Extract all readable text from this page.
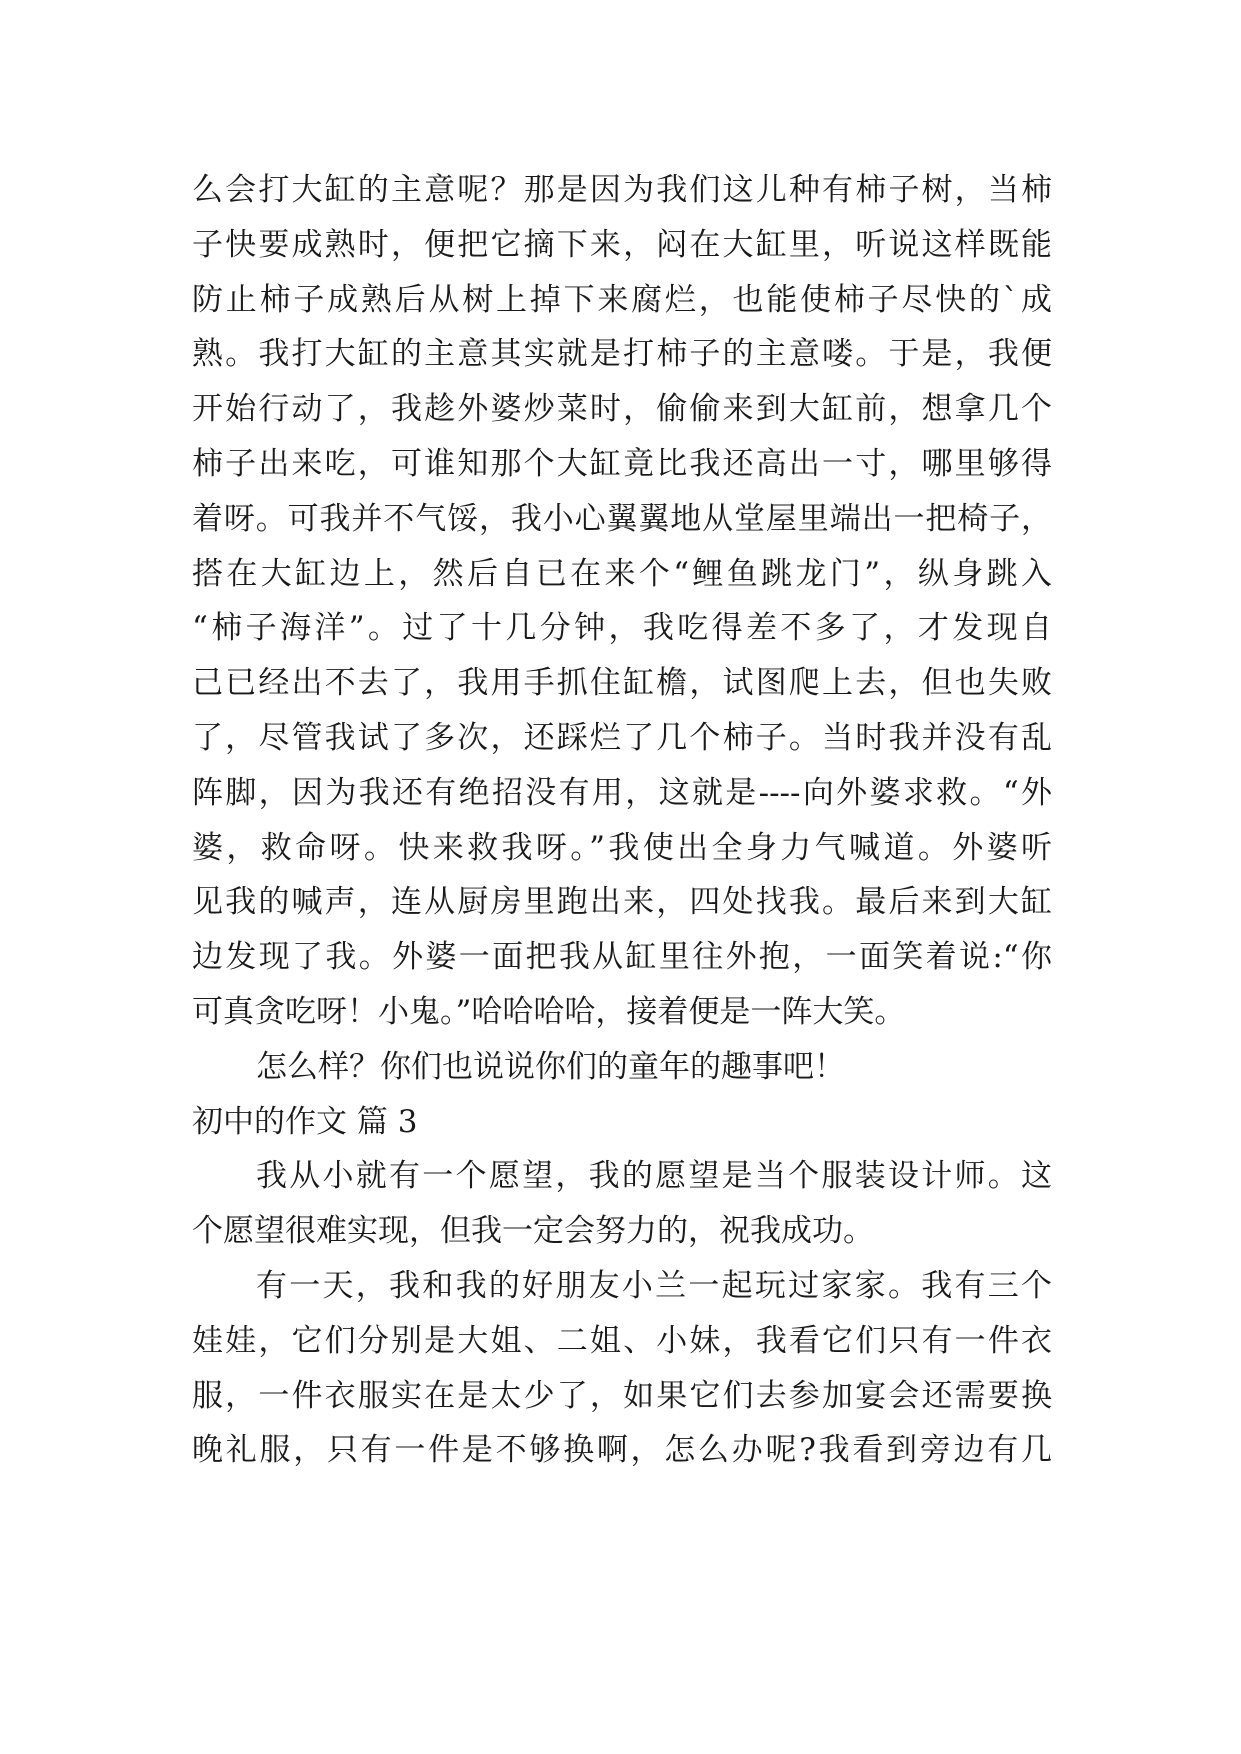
么会打大缸的主意呢？那是因为我们这儿种有柿子树，当柿
子快要成熟时，便把它摘下来，闷在大缸里，听说这样既能
防止柿子成熟后从树上掉下来腐烂，也能使柿子尽快的`成
熟。我打大缸的主意其实就是打柿子的主意喽。于是，我便
开始行动了，我趁外婆炒菜时，偷偷来到大缸前，想拿几个
柿子出来吃，可谁知那个大缸竟比我还高出一寸，哪里够得
着呀。可我并不气馁，我小心翼翼地从堂屋里端出一把椅子，
搭在大缸边上，然后自已在来个“鲤鱼跳龙门”，纵身跳入
“柿子海洋”。过了十几分钟，我吃得差不多了，才发现自
己已经出不去了，我用手抓住缸檐，试图爬上去，但也失败
了，尽管我试了多次，还踩烂了几个柿子。当时我并没有乱
阵脚，因为我还有绝招没有用，这就是----向外婆求救。“外
婆，救命呀。快来救我呀。”我使出全身力气喊道。外婆听
见我的喊声，连从厨房里跑出来，四处找我。最后来到大缸
边发现了我。外婆一面把我从缸里往外抱，一面笑着说:“你
可真贪吃呀！小鬼。”哈哈哈哈，接着便是一阵大笑。
怎么样？你们也说说你们的童年的趣事吧！
初中的作文 篇 3
我从小就有一个愿望，我的愿望是当个服装设计师。这
个愿望很难实现，但我一定会努力的，祝我成功。
有一天，我和我的好朋友小兰一起玩过家家。我有三个
娃娃，它们分别是大姐、二姐、小妹，我看它们只有一件衣
服，一件衣服实在是太少了，如果它们去参加宴会还需要换
晚礼服，只有一件是不够换啊，怎么办呢?我看到旁边有几
